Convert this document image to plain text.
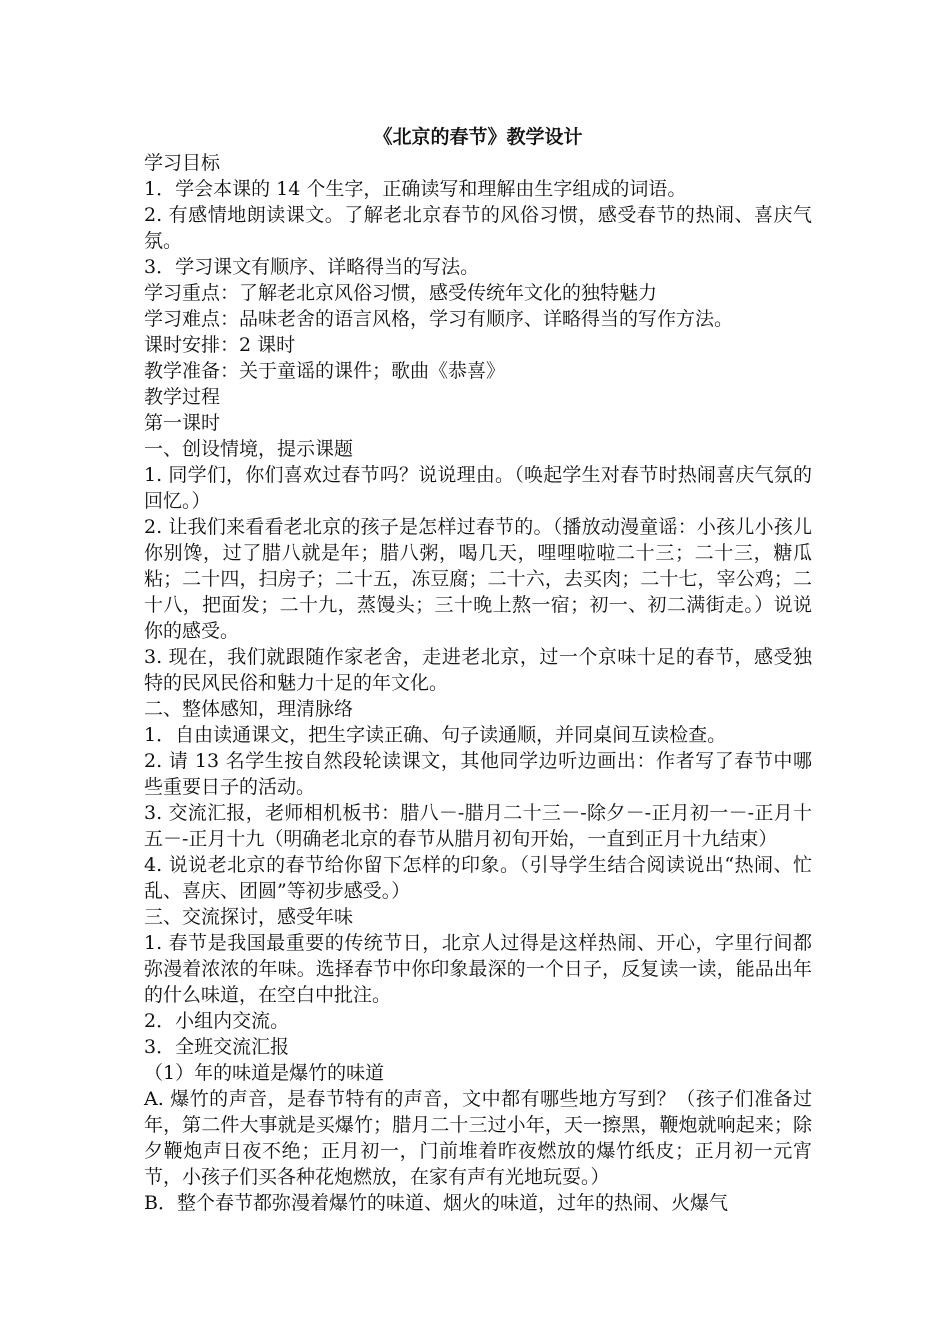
《北京的春节》教学设计

学习目标

1．学会本课的 14 个生字，正确读写和理解由生字组成的词语。

2. 有感情地朗读课文。了解老北京春节的风俗习惯，感受春节的热闹、喜庆气氛。

3．学习课文有顺序、详略得当的写法。

学习重点：了解老北京风俗习惯，感受传统年文化的独特魅力

学习难点：品味老舍的语言风格，学习有顺序、详略得当的写作方法。

课时安排：2 课时

教学准备：关于童谣的课件；歌曲《恭喜》

教学过程

第一课时

一、创设情境，提示课题

1. 同学们，你们喜欢过春节吗？说说理由。（唤起学生对春节时热闹喜庆气氛的回忆。）

2. 让我们来看看老北京的孩子是怎样过春节的。（播放动漫童谣：小孩儿小孩儿你别馋，过了腊八就是年；腊八粥，喝几天，哩哩啦啦二十三；二十三，糖瓜粘；二十四，扫房子；二十五，冻豆腐；二十六，去买肉；二十七，宰公鸡；二十八，把面发；二十九，蒸馒头；三十晚上熬一宿；初一、初二满街走。）说说你的感受。

3. 现在，我们就跟随作家老舍，走进老北京，过一个京味十足的春节，感受独特的民风民俗和魅力十足的年文化。

二、整体感知，理清脉络

1．自由读通课文，把生字读正确、句子读通顺，并同桌间互读检查。

2. 请 13 名学生按自然段轮读课文，其他同学边听边画出：作者写了春节中哪些重要日子的活动。

3. 交流汇报，老师相机板书：腊八－-腊月二十三－-除夕－-正月初一－-正月十五－-正月十九（明确老北京的春节从腊月初旬开始，一直到正月十九结束）

4. 说说老北京的春节给你留下怎样的印象。（引导学生结合阅读说出“热闹、忙乱、喜庆、团圆”等初步感受。）

三、交流探讨，感受年味

1. 春节是我国最重要的传统节日，北京人过得是这样热闹、开心，字里行间都弥漫着浓浓的年味。选择春节中你印象最深的一个日子，反复读一读，能品出年的什么味道，在空白中批注。

2．小组内交流。

3．全班交流汇报

（1）年的味道是爆竹的味道

A. 爆竹的声音，是春节特有的声音，文中都有哪些地方写到？（孩子们准备过年，第二件大事就是买爆竹；腊月二十三过小年，天一擦黑，鞭炮就响起来；除夕鞭炮声日夜不绝；正月初一，门前堆着昨夜燃放的爆竹纸皮；正月初一元宵节，小孩子们买各种花炮燃放，在家有声有光地玩耍。）

B．整个春节都弥漫着爆竹的味道、烟火的味道，过年的热闹、火爆气
